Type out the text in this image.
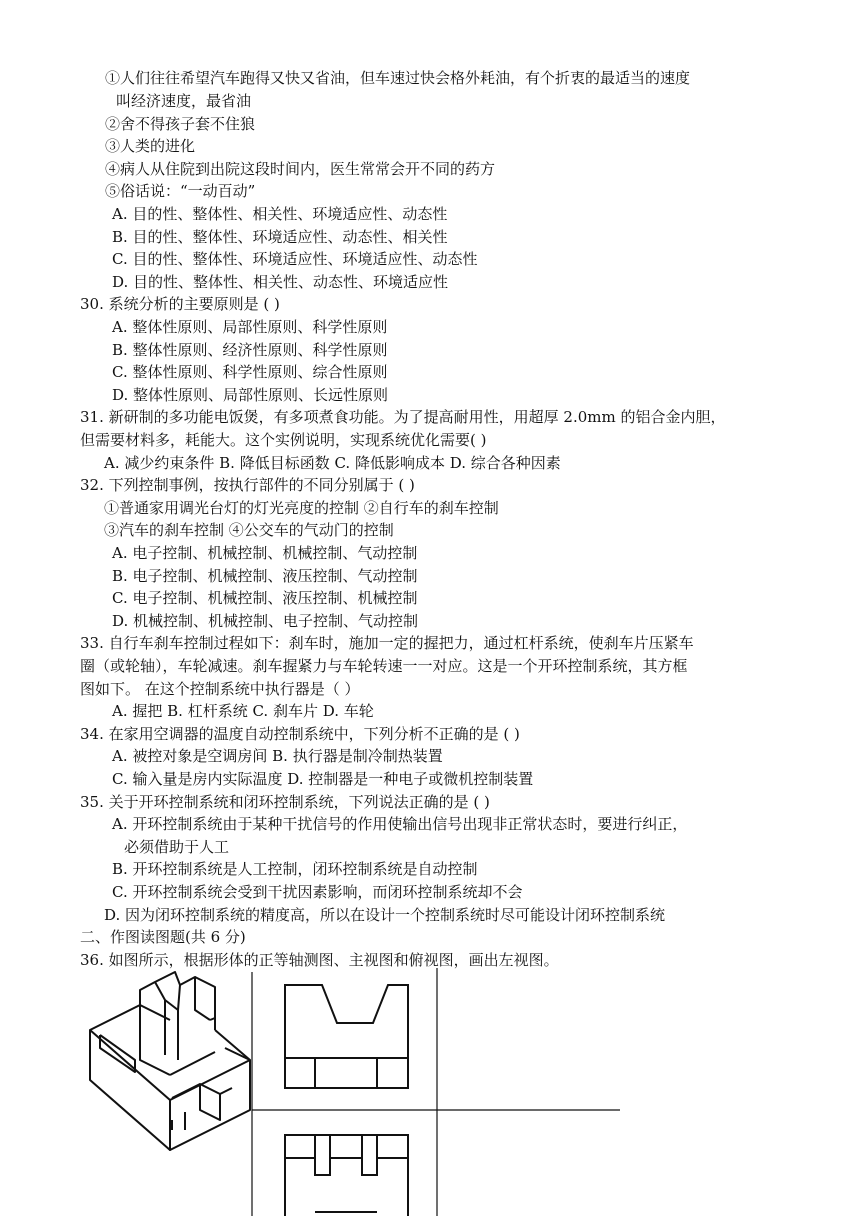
①人们往往希望汽车跑得又快又省油，但车速过快会格外耗油，有个折衷的最适当的速度
叫经济速度，最省油
②舍不得孩子套不住狼
③人类的进化
④病人从住院到出院这段时间内，医生常常会开不同的药方
⑤俗话说：“一动百动”
A. 目的性、整体性、相关性、环境适应性、动态性
B. 目的性、整体性、环境适应性、动态性、相关性
C. 目的性、整体性、环境适应性、环境适应性、动态性
D. 目的性、整体性、相关性、动态性、环境适应性
30. 系统分析的主要原则是 ( )
A. 整体性原则、局部性原则、科学性原则
B. 整体性原则、经济性原则、科学性原则
C. 整体性原则、科学性原则、综合性原则
D. 整体性原则、局部性原则、长远性原则
31. 新研制的多功能电饭煲，有多项煮食功能。为了提高耐用性，用超厚 2.0mm 的铝合金内胆，
但需要材料多，耗能大。这个实例说明，实现系统优化需要( )
A. 减少约束条件 B. 降低目标函数 C. 降低影响成本 D. 综合各种因素
32. 下列控制事例，按执行部件的不同分别属于 ( )
①普通家用调光台灯的灯光亮度的控制 ②自行车的刹车控制
③汽车的刹车控制 ④公交车的气动门的控制
A. 电子控制、机械控制、机械控制、气动控制
B. 电子控制、机械控制、液压控制、气动控制
C. 电子控制、机械控制、液压控制、机械控制
D. 机械控制、机械控制、电子控制、气动控制
33. 自行车刹车控制过程如下：刹车时，施加一定的握把力，通过杠杆系统，使刹车片压紧车
圈（或轮轴），车轮减速。刹车握紧力与车轮转速一一对应。这是一个开环控制系统，其方框
图如下。 在这个控制系统中执行器是（ ）
A. 握把 B. 杠杆系统 C. 刹车片 D. 车轮
34. 在家用空调器的温度自动控制系统中，下列分析不正确的是 ( )
A. 被控对象是空调房间 B. 执行器是制冷制热装置
C. 输入量是房内实际温度 D. 控制器是一种电子或微机控制装置
35. 关于开环控制系统和闭环控制系统，下列说法正确的是 ( )
A. 开环控制系统由于某种干扰信号的作用使输出信号出现非正常状态时，要进行纠正，
必须借助于人工
B. 开环控制系统是人工控制，闭环控制系统是自动控制
C. 开环控制系统会受到干扰因素影响，而闭环控制系统却不会
D. 因为闭环控制系统的精度高，所以在设计一个控制系统时尽可能设计闭环控制系统
二、作图读图题(共 6 分)
36. 如图所示，根据形体的正等轴测图、主视图和俯视图，画出左视图。
